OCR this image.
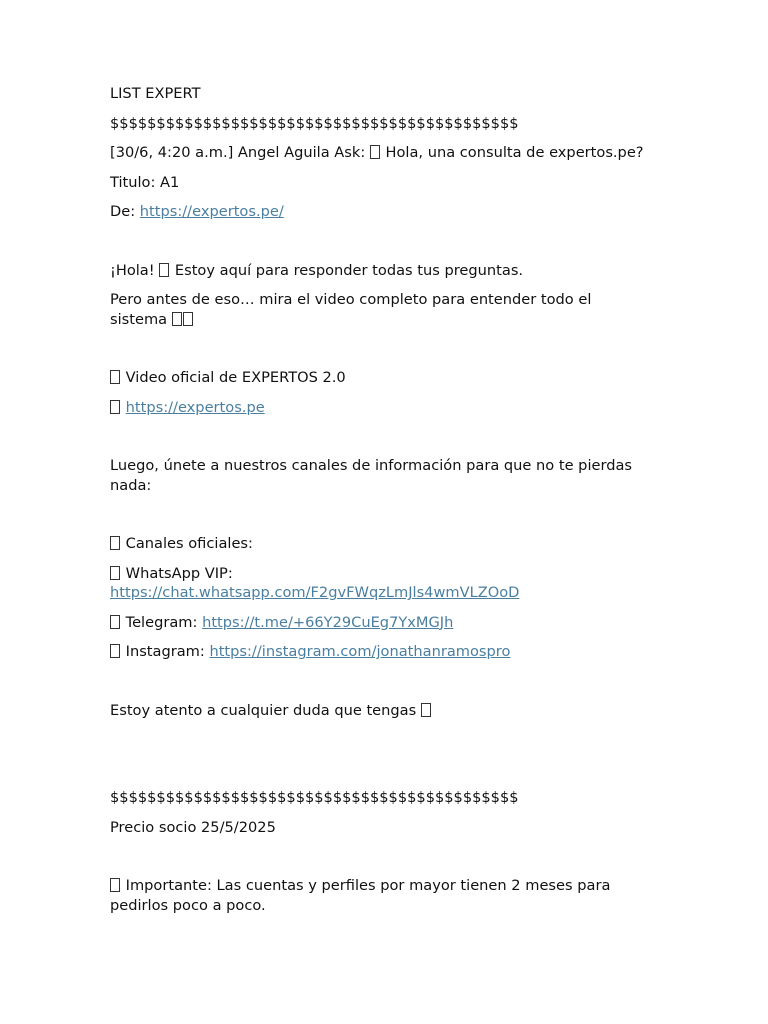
LIST EXPERT

$$$$$$$$$$$$$$$$$$$$$$$$$$$$$$$$$$$$$$$$$$$$

[30/6, 4:20 a.m.] Angel Aguila Ask: Hola, una consulta de expertos.pe?

Titulo: A1

De: https://expertos.pe/

¡Hola! Estoy aquí para responder todas tus preguntas.

Pero antes de eso… mira el video completo para entender todo el sistema

Video oficial de EXPERTOS 2.0

https://expertos.pe

Luego, únete a nuestros canales de información para que no te pierdas nada:

Canales oficiales:

WhatsApp VIP:
https://chat.whatsapp.com/F2gvFWqzLmJls4wmVLZOoD

Telegram: https://t.me/+66Y29CuEg7YxMGJh

Instagram: https://instagram.com/jonathanramospro

Estoy atento a cualquier duda que tengas

$$$$$$$$$$$$$$$$$$$$$$$$$$$$$$$$$$$$$$$$$$$$

Precio socio 25/5/2025

Importante: Las cuentas y perfiles por mayor tienen 2 meses para pedirlos poco a poco.
